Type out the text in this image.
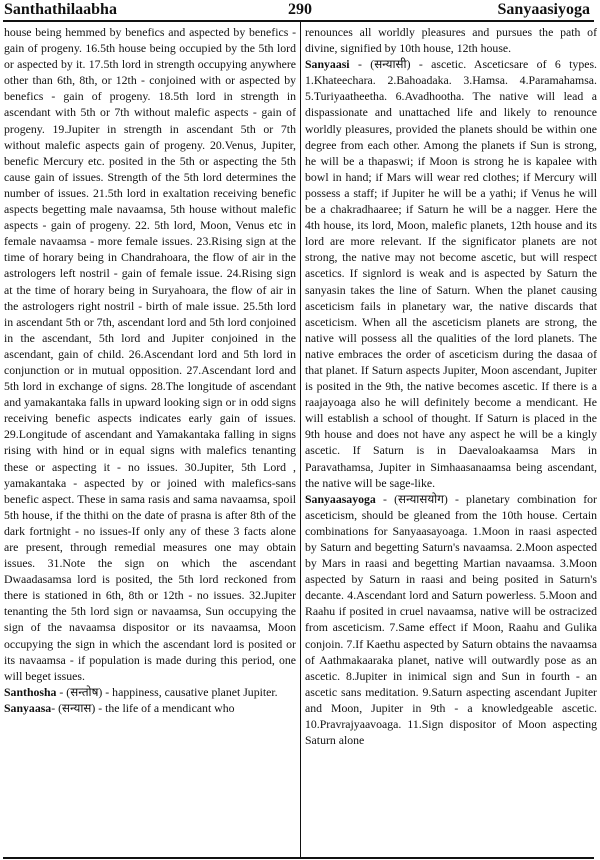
Santhathilaabha	290	Sanyaasiyoga

house being hemmed by benefics and aspected by benefics - gain of progeny. 16.5th house being occupied by the 5th lord or aspected by it. 17.5th lord in strength occupying anywhere other than 6th, 8th, or 12th - conjoined with or aspected by benefics - gain of progeny. 18.5th lord in strength in ascendant with 5th or 7th without malefic aspects - gain of progeny. 19.Jupiter in strength in ascendant 5th or 7th without malefic aspects gain of progeny. 20.Venus, Jupiter, benefic Mercury etc. posited in the 5th or aspecting the 5th cause gain of issues. Strength of the 5th lord determines the number of issues. 21.5th lord in exaltation receiving benefic aspects begetting male navaamsa, 5th house without malefic aspects - gain of progeny. 22. 5th lord, Moon, Venus etc in female navaamsa - more female issues. 23.Rising sign at the time of horary being in Chandrahoara, the flow of air in the astrologers left nostril - gain of female issue. 24.Rising sign at the time of horary being in Suryahoara, the flow of air in the astrologers right nostril - birth of male issue. 25.5th lord in ascendant 5th or 7th, ascendant lord and 5th lord conjoined in the ascendant, 5th lord and Jupiter conjoined in the ascendant, gain of child. 26.Ascendant lord and 5th lord in conjunction or in mutual opposition. 27.Ascendant lord and 5th lord in exchange of signs. 28.The longitude of ascendant and yamakantaka falls in upward looking sign or in odd signs receiving benefic aspects indicates early gain of issues. 29.Longitude of ascendant and Yamakantaka falling in signs rising with hind or in equal signs with malefics tenanting these or aspecting it - no issues. 30.Jupiter, 5th Lord , yamakantaka - aspected by or joined with malefics-sans benefic aspect. These in sama rasis and sama navaamsa, spoil 5th house, if the thithi on the date of prasna is after 8th of the dark fortnight - no issues-If only any of these 3 facts alone are present, through remedial measures one may obtain issues. 31.Note the sign on which the ascendant Dwaadasamsa lord is posited, the 5th lord reckoned from there is stationed in 6th, 8th or 12th - no issues. 32.Jupiter tenanting the 5th lord sign or navaamsa, Sun occupying the sign of the navaamsa dispositor or its navaamsa, Moon occupying the sign in which the ascendant lord is posited or its navaamsa - if population is made during this period, one will beget issues.

Santhosha - (सन्तोष) - happiness, causative planet Jupiter.

Sanyaasa- (सन्यास) - the life of a mendicant who

renounces all worldly pleasures and pursues the path of divine, signified by 10th house, 12th house.

Sanyaasi - (सन्यासी) - ascetic. Asceticsare of 6 types. 1.Khateechara. 2.Bahoadaka. 3.Hamsa. 4.Paramahamsa. 5.Turiyaatheetha. 6.Avadhootha. The native will lead a dispassionate and unattached life and likely to renounce worldly pleasures, provided the planets should be within one degree from each other. Among the planets if Sun is strong, he will be a thapaswi; if Moon is strong he is kapalee with bowl in hand; if Mars will wear red clothes; if Mercury will possess a staff; if Jupiter he will be a yathi; if Venus he will be a chakradhaaree; if Saturn he will be a nagger. Here the 4th house, its lord, Moon, malefic planets, 12th house and its lord are more relevant. If the significator planets are not strong, the native may not become ascetic, but will respect ascetics. If signlord is weak and is aspected by Saturn the sanyasin takes the line of Saturn. When the planet causing asceticism fails in planetary war, the native discards that asceticism. When all the asceticism planets are strong, the native will possess all the qualities of the lord planets. The native embraces the order of asceticism during the dasaa of that planet. If Saturn aspects Jupiter, Moon ascendant, Jupiter is posited in the 9th, the native becomes ascetic. If there is a raajayoaga also he will definitely become a mendicant. He will establish a school of thought. If Saturn is placed in the 9th house and does not have any aspect he will be a kingly ascetic. If Saturn is in Daevaloakaamsa Mars in Paravathamsa, Jupiter in Simhaasanaamsa being ascendant, the native will be sage-like.

Sanyaasayoga - (सन्यासयोग) - planetary combination for asceticism, should be gleaned from the 10th house. Certain combinations for Sanyaasayoaga. 1.Moon in raasi aspected by Saturn and begetting Saturn's navaamsa. 2.Moon aspected by Mars in raasi and begetting Martian navaamsa. 3.Moon aspected by Saturn in raasi and being posited in Saturn's decante. 4.Ascendant lord and Saturn powerless. 5.Moon and Raahu if posited in cruel navaamsa, native will be ostracized from asceticism. 7.Same effect if Moon, Raahu and Gulika conjoin. 7.If Kaethu aspected by Saturn obtains the navaamsa of Aathmakaaraka planet, native will outwardly pose as an ascetic. 8.Jupiter in inimical sign and Sun in fourth - an ascetic sans meditation. 9.Saturn aspecting ascendant Jupiter and Moon, Jupiter in 9th - a knowledgeable ascetic. 10.Pravrajyaavoaga. 11.Sign dispositor of Moon aspecting Saturn alone
